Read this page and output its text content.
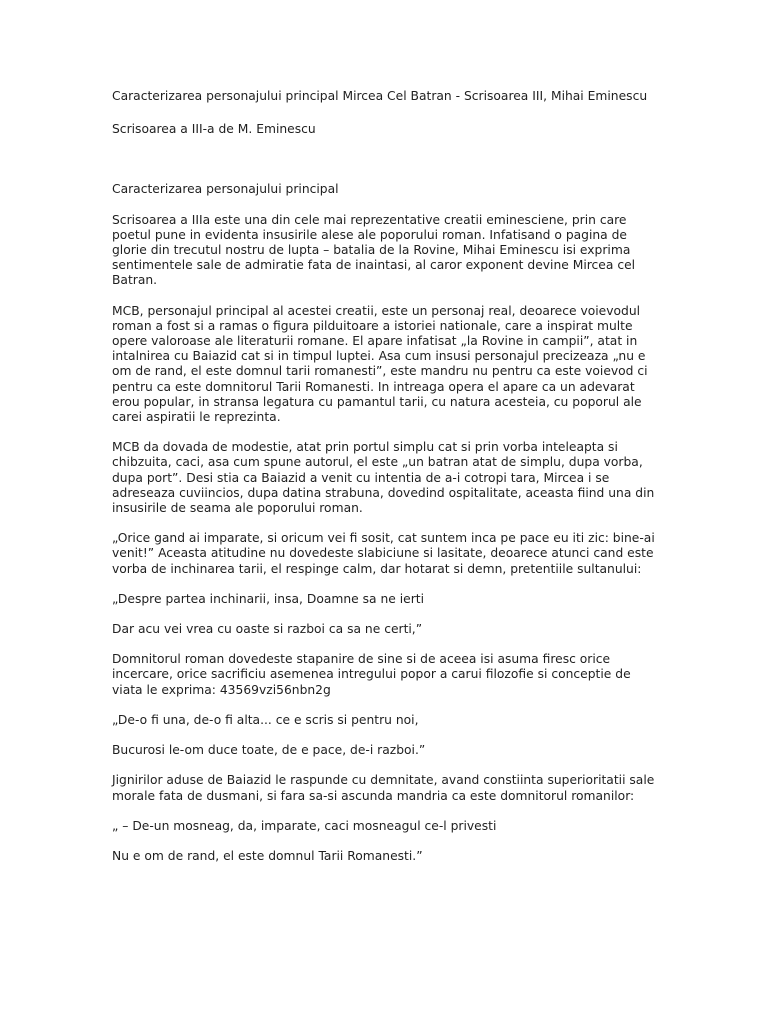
Caracterizarea personajului principal Mircea Cel Batran - Scrisoarea III, Mihai Eminescu

Scrisoarea a III-a de M. Eminescu

Caracterizarea personajului principal

Scrisoarea a IIIa este una din cele mai reprezentative creatii eminesciene, prin care poetul pune in evidenta insusirile alese ale poporului roman. Infatisand o pagina de glorie din trecutul nostru de lupta – batalia de la Rovine, Mihai Eminescu isi exprima sentimentele sale de admiratie fata de inaintasi, al caror exponent devine Mircea cel Batran.

MCB, personajul principal al acestei creatii, este un personaj real, deoarece voievodul roman a fost si a ramas o figura pilduitoare a istoriei nationale, care a inspirat multe opere valoroase ale literaturii romane. El apare infatisat „la Rovine in campii”, atat in intalnirea cu Baiazid cat si in timpul luptei. Asa cum insusi personajul precizeaza „nu e om de rand, el este domnul tarii romanesti”, este mandru nu pentru ca este voievod ci pentru ca este domnitorul Tarii Romanesti. In intreaga opera el apare ca un adevarat erou popular, in stransa legatura cu pamantul tarii, cu natura acesteia, cu poporul ale carei aspiratii le reprezinta.

MCB da dovada de modestie, atat prin portul simplu cat si prin vorba inteleapta si chibzuita, caci, asa cum spune autorul, el este „un batran atat de simplu, dupa vorba, dupa port”. Desi stia ca Baiazid a venit cu intentia de a-i cotropi tara, Mircea i se adreseaza cuviincios, dupa datina strabuna, dovedind ospitalitate, aceasta fiind una din insusirile de seama ale poporului roman.

„Orice gand ai imparate, si oricum vei fi sosit, cat suntem inca pe pace eu iti zic: bine-ai venit!” Aceasta atitudine nu dovedeste slabiciune si lasitate, deoarece atunci cand este vorba de inchinarea tarii, el respinge calm, dar hotarat si demn, pretentiile sultanului:

„Despre partea inchinarii, insa, Doamne sa ne ierti

Dar acu vei vrea cu oaste si razboi ca sa ne certi,”

Domnitorul roman dovedeste stapanire de sine si de aceea isi asuma firesc orice incercare, orice sacrificiu asemenea intregului popor a carui filozofie si conceptie de viata le exprima: 43569vzi56nbn2g

„De-o fi una, de-o fi alta... ce e scris si pentru noi,

Bucurosi le-om duce toate, de e pace, de-i razboi.”

Jignirilor aduse de Baiazid le raspunde cu demnitate, avand constiinta superioritatii sale morale fata de dusmani, si fara sa-si ascunda mandria ca este domnitorul romanilor:

„ – De-un mosneag, da, imparate, caci mosneagul ce-l privesti

Nu e om de rand, el este domnul Tarii Romanesti.”
